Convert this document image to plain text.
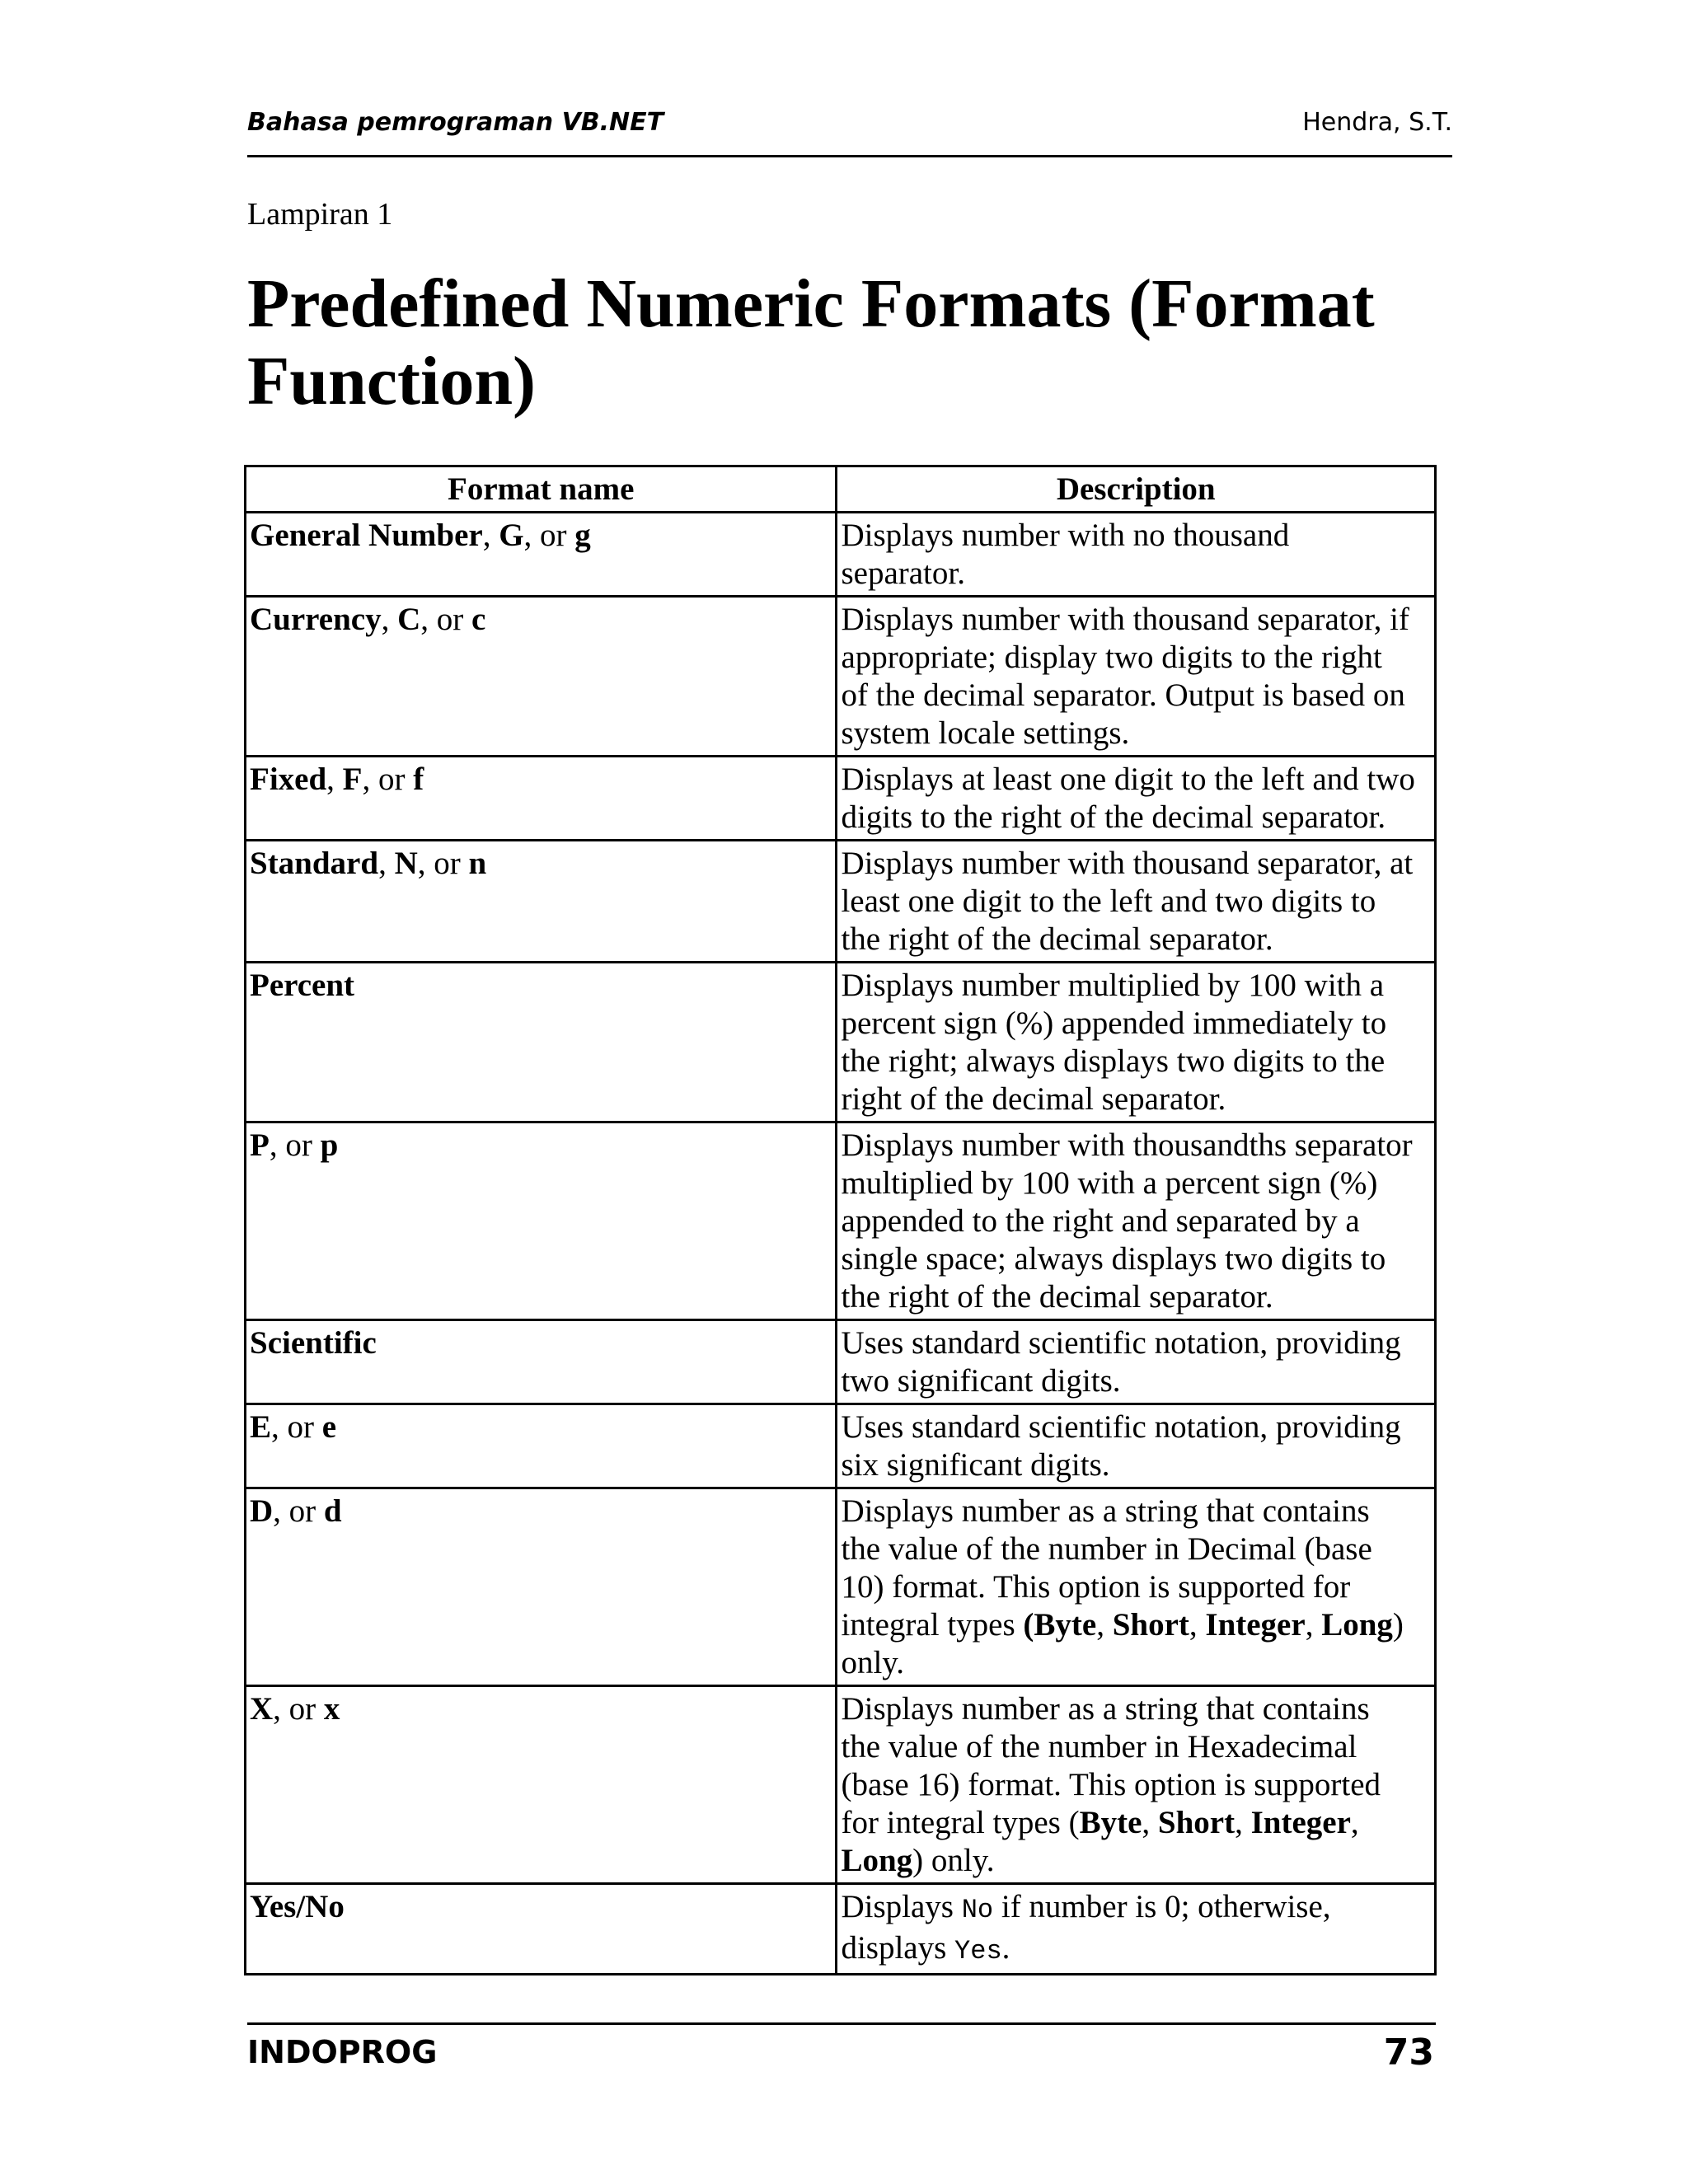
Bahasa pemrograman VB.NET	Hendra, S.T.
Lampiran 1
Predefined Numeric Formats (Format Function)
Format name	Description
General Number, G, or g	Displays number with no thousand
separator.
Currency, C, or c	Displays number with thousand separator, if
appropriate; display two digits to the right
of the decimal separator. Output is based on
system locale settings.
Fixed, F, or f	Displays at least one digit to the left and two
digits to the right of the decimal separator.
Standard, N, or n	Displays number with thousand separator, at
least one digit to the left and two digits to
the right of the decimal separator.
Percent	Displays number multiplied by 100 with a
percent sign (%) appended immediately to
the right; always displays two digits to the
right of the decimal separator.
P, or p	Displays number with thousandths separator
multiplied by 100 with a percent sign (%)
appended to the right and separated by a
single space; always displays two digits to
the right of the decimal separator.
Scientific	Uses standard scientific notation, providing
two significant digits.
E, or e	Uses standard scientific notation, providing
six significant digits.
D, or d	Displays number as a string that contains
the value of the number in Decimal (base
10) format. This option is supported for
integral types (Byte, Short, Integer, Long)
only.
X, or x	Displays number as a string that contains
the value of the number in Hexadecimal
(base 16) format. This option is supported
for integral types (Byte, Short, Integer,
Long) only.
Yes/No	Displays No if number is 0; otherwise,
displays Yes.
INDOPROG	73
